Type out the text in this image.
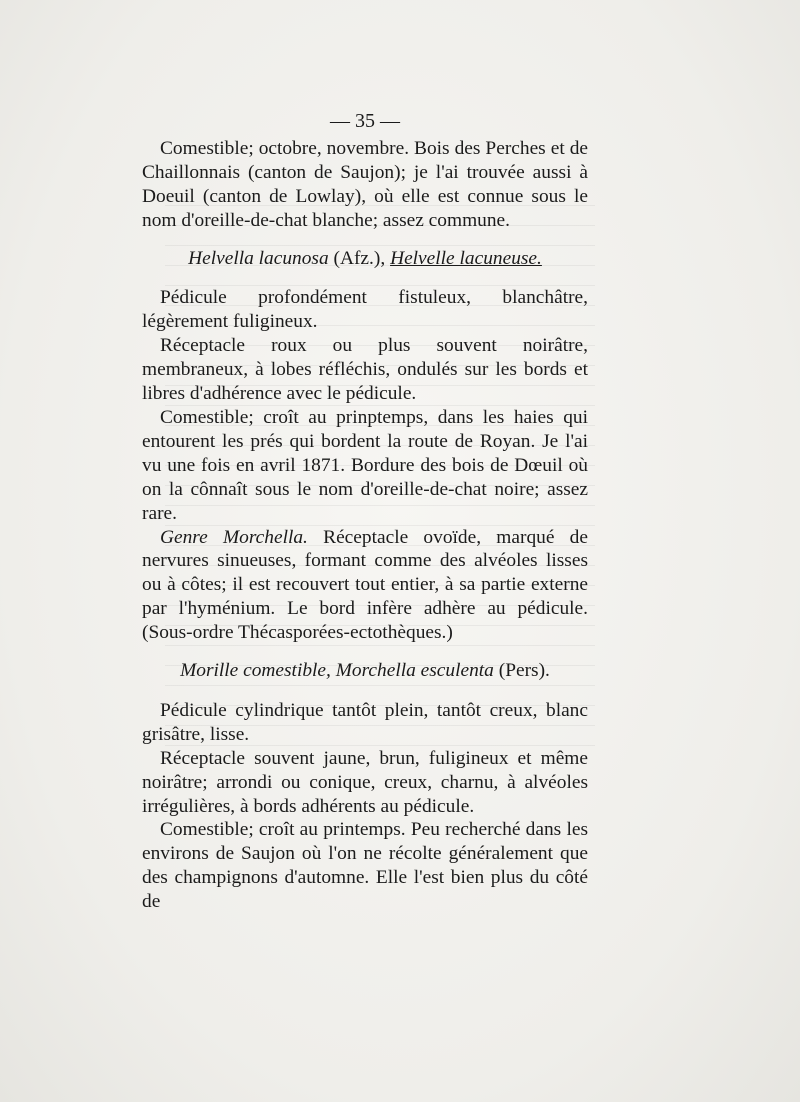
— 35 —

Comestible; octobre, novembre. Bois des Perches et de Chaillonnais (canton de Saujon); je l'ai trouvée aussi à Doeuil (canton de Lowlay), où elle est connue sous le nom d'oreille-de-chat blanche; assez commune.

Helvella lacunosa (Afz.), Helvelle lacuneuse.

Pédicule profondément fistuleux, blanchâtre, légèrement fuligineux.

Réceptacle roux ou plus souvent noirâtre, membraneux, à lobes réfléchis, ondulés sur les bords et libres d'adhérence avec le pédicule.

Comestible; croît au prinptemps, dans les haies qui entourent les prés qui bordent la route de Royan. Je l'ai vu une fois en avril 1871. Bordure des bois de Dœuil où on la cônnaît sous le nom d'oreille-de-chat noire; assez rare.

Genre Morchella. Réceptacle ovoïde, marqué de nervures sinueuses, formant comme des alvéoles lisses ou à côtes; il est recouvert tout entier, à sa partie externe par l'hyménium. Le bord infère adhère au pédicule. (Sous-ordre Thécasporées-ectothèques.)

Morille comestible, Morchella esculenta (Pers).

Pédicule cylindrique tantôt plein, tantôt creux, blanc grisâtre, lisse.

Réceptacle souvent jaune, brun, fuligineux et même noirâtre; arrondi ou conique, creux, charnu, à alvéoles irrégulières, à bords adhérents au pédicule.

Comestible; croît au printemps. Peu recherché dans les environs de Saujon où l'on ne récolte généralement que des champignons d'automne. Elle l'est bien plus du côté de
